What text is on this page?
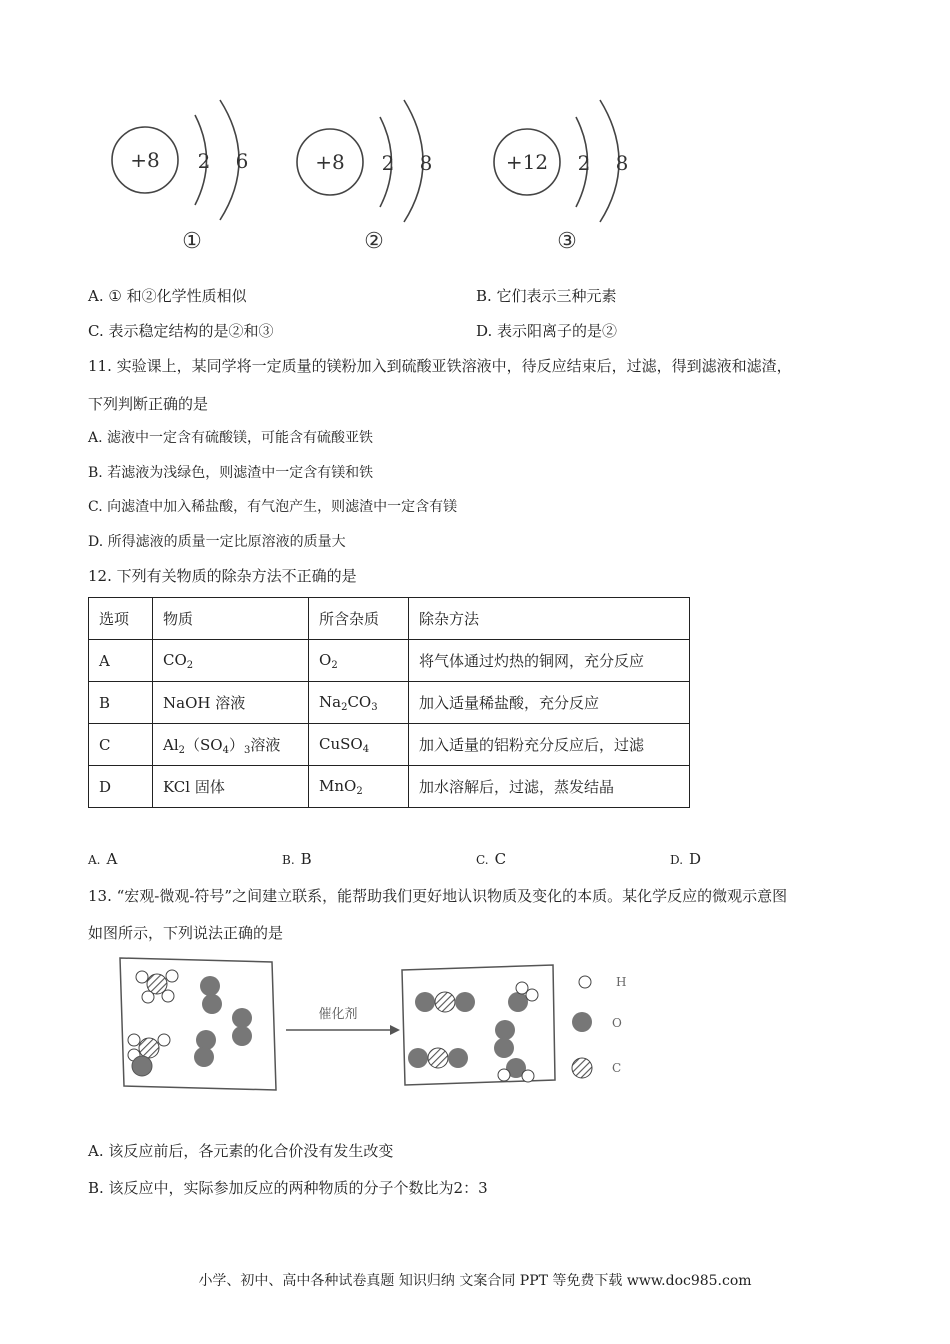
+8 2 6
①
+8 2 8
②
+12 2 8
③
A. ① 和②化学性质相似	B. 它们表示三种元素
C. 表示稳定结构的是②和③	D. 表示阳离子的是②
11. 实验课上，某同学将一定质量的镁粉加入到硫酸亚铁溶液中，待反应结束后，过滤，得到滤液和滤渣，
下列判断正确的是
A. 滤液中一定含有硫酸镁，可能含有硫酸亚铁
B. 若滤液为浅绿色，则滤渣中一定含有镁和铁
C. 向滤渣中加入稀盐酸，有气泡产生，则滤渣中一定含有镁
D. 所得滤液的质量一定比原溶液的质量大
12. 下列有关物质的除杂方法不正确的是
选项	物质	所含杂质	除杂方法
A	$CO_2$	$O_2$	将气体通过灼热的铜网，充分反应
B	NaOH 溶液	$Na_2CO_3$	加入适量稀盐酸，充分反应
C	$Al_2(SO_4)_3$溶液	CuSO$_4$	加入适量的铝粉充分反应后，过滤
D	KCl 固体	MnO$_2$	加水溶解后，过滤，蒸发结晶
A. A	B. B	C. C	D. D
13. “宏观-微观-符号”之间建立联系，能帮助我们更好地认识物质及变化的本质。某化学反应的微观示意图
如图所示，下列说法正确的是
催化剂
H
O
C
A. 该反应前后，各元素的化合价没有发生改变
B. 该反应中，实际参加反应的两种物质的分子个数比为2：3
小学、初中、高中各种试卷真题 知识归纳 文案合同 PPT 等免费下载 www.doc985.com
